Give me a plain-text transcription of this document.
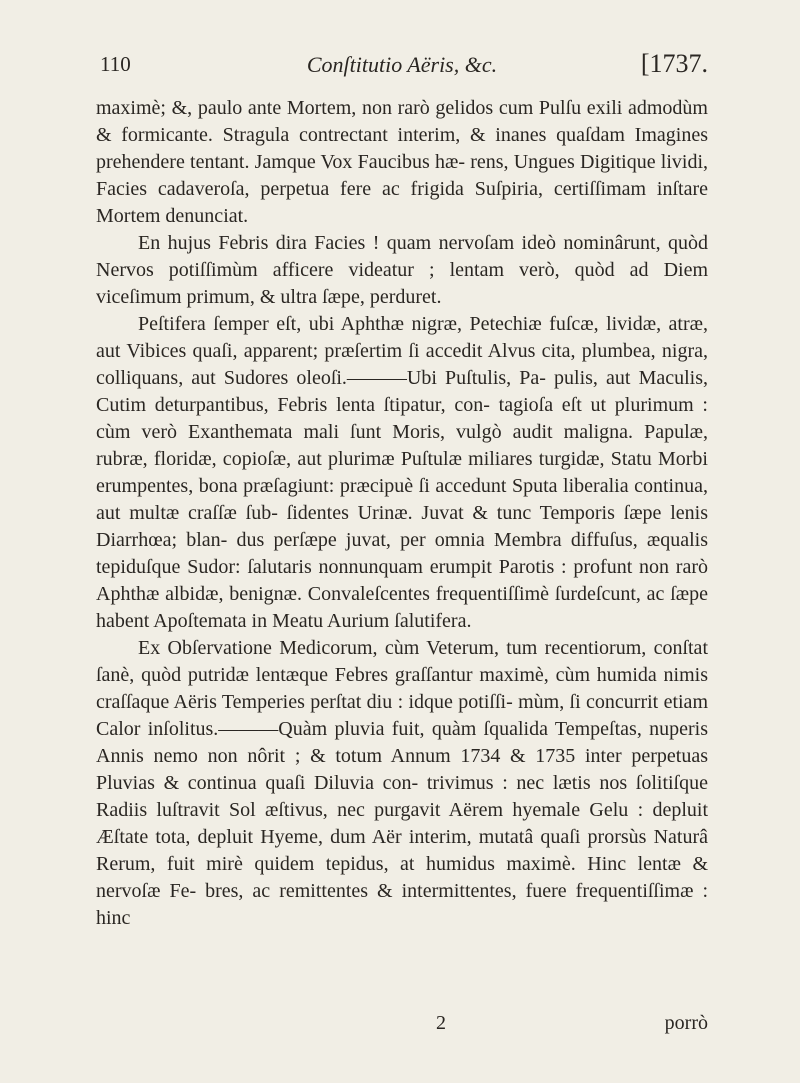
110	Conſtitutio Aëris, &c.	[1737.

maximè; &, paulo ante Mortem, non rarò gelidos cum Pulſu exili admodùm & formicante. Stragula contrectant interim, & inanes quaſdam Imagines prehendere tentant. Jamque Vox Faucibus hæ- rens, Ungues Digitique lividi, Facies cadaveroſa, perpetua fere ac frigida Suſpiria, certiſſimam inſtare Mortem denunciat.

En hujus Febris dira Facies ! quam nervoſam ideò nominârunt, quòd Nervos potiſſimùm afficere videatur ; lentam verò, quòd ad Diem viceſimum primum, & ultra ſæpe, perduret.

Peſtifera ſemper eſt, ubi Aphthæ nigræ, Petechiæ fuſcæ, lividæ, atræ, aut Vibices quaſi, apparent; præſertim ſi accedit Alvus cita, plumbea, nigra, colliquans, aut Sudores oleoſi.———Ubi Puſtulis, Pa- pulis, aut Maculis, Cutim deturpantibus, Febris lenta ſtipatur, con- tagioſa eſt ut plurimum : cùm verò Exanthemata mali ſunt Moris, vulgò audit maligna. Papulæ, rubræ, floridæ, copioſæ, aut plurimæ Puſtulæ miliares turgidæ, Statu Morbi erumpentes, bona præſagiunt: præcipuè ſi accedunt Sputa liberalia continua, aut multæ craſſæ ſub- ſidentes Urinæ. Juvat & tunc Temporis ſæpe lenis Diarrhœa; blan- dus perſæpe juvat, per omnia Membra diffuſus, æqualis tepiduſque Sudor: ſalutaris nonnunquam erumpit Parotis : profunt non rarò Aphthæ albidæ, benignæ. Convaleſcentes frequentiſſimè ſurdeſcunt, ac ſæpe habent Apoſtemata in Meatu Aurium ſalutifera.

Ex Obſervatione Medicorum, cùm Veterum, tum recentiorum, conſtat ſanè, quòd putridæ lentæque Febres graſſantur maximè, cùm humida nimis craſſaque Aëris Temperies perſtat diu : idque potiſſi- mùm, ſi concurrit etiam Calor inſolitus.———Quàm pluvia fuit, quàm ſqualida Tempeſtas, nuperis Annis nemo non nôrit ; & totum Annum 1734 & 1735 inter perpetuas Pluvias & continua quaſi Diluvia con- trivimus : nec lætis nos ſolitiſque Radiis luſtravit Sol æſtivus, nec purgavit Aërem hyemale Gelu : depluit Æſtate tota, depluit Hyeme, dum Aër interim, mutatâ quaſi prorsùs Naturâ Rerum, fuit mirè quidem tepidus, at humidus maximè. Hinc lentæ & nervoſæ Fe- bres, ac remittentes & intermittentes, fuere frequentiſſimæ : hinc

2	porrò
